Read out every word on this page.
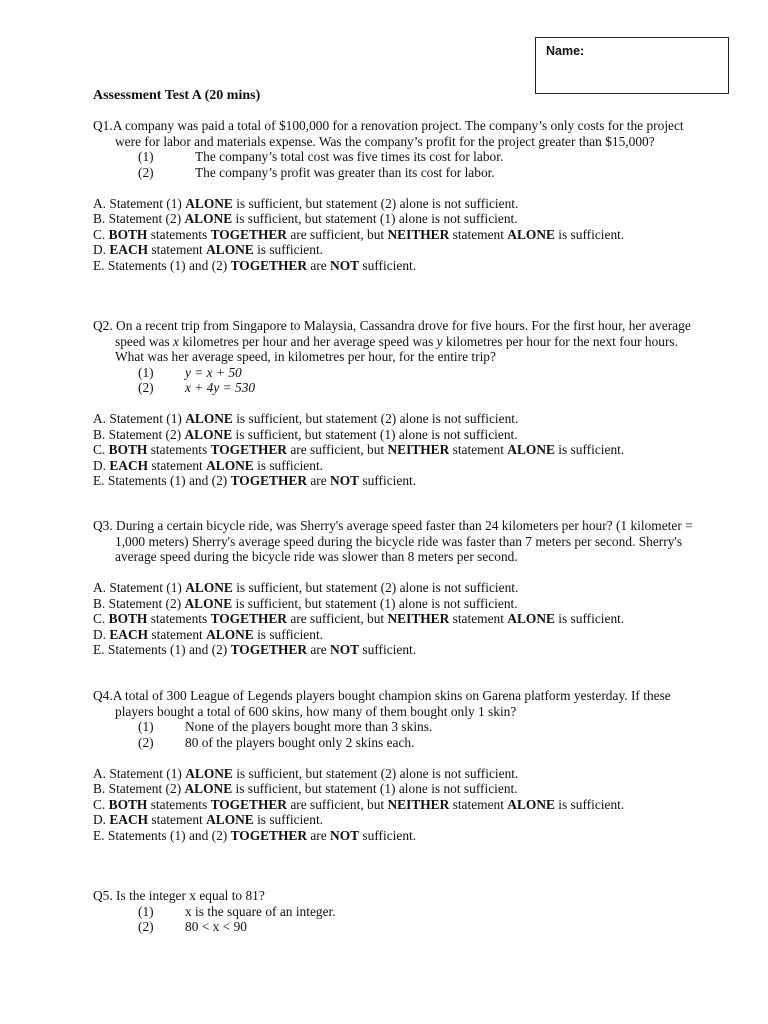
Name:
Assessment Test A (20 mins)

Q1.A company was paid a total of $100,000 for a renovation project. The company’s only costs for the project were for labor and materials expense. Was the company’s profit for the project greater than $15,000?

(1)	The company’s total cost was five times its cost for labor.

(2)	The company’s profit was greater than its cost for labor.

A. Statement (1) ALONE is sufficient, but statement (2) alone is not sufficient.

B. Statement (2) ALONE is sufficient, but statement (1) alone is not sufficient.

C. BOTH statements TOGETHER are sufficient, but NEITHER statement ALONE is sufficient.

D. EACH statement ALONE is sufficient.

E. Statements (1) and (2) TOGETHER are NOT sufficient.

Q2. On a recent trip from Singapore to Malaysia, Cassandra drove for five hours. For the first hour, her average speed was x kilometres per hour and her average speed was y kilometres per hour for the next four hours. What was her average speed, in kilometres per hour, for the entire trip?

(1)	y = x + 50

(2)	x + 4y = 530

A. Statement (1) ALONE is sufficient, but statement (2) alone is not sufficient.

B. Statement (2) ALONE is sufficient, but statement (1) alone is not sufficient.

C. BOTH statements TOGETHER are sufficient, but NEITHER statement ALONE is sufficient.

D. EACH statement ALONE is sufficient.

E. Statements (1) and (2) TOGETHER are NOT sufficient.

Q3. During a certain bicycle ride, was Sherry's average speed faster than 24 kilometers per hour? (1 kilometer = 1,000 meters) Sherry's average speed during the bicycle ride was faster than 7 meters per second. Sherry's average speed during the bicycle ride was slower than 8 meters per second.

A. Statement (1) ALONE is sufficient, but statement (2) alone is not sufficient.

B. Statement (2) ALONE is sufficient, but statement (1) alone is not sufficient.

C. BOTH statements TOGETHER are sufficient, but NEITHER statement ALONE is sufficient.

D. EACH statement ALONE is sufficient.

E. Statements (1) and (2) TOGETHER are NOT sufficient.

Q4.A total of 300 League of Legends players bought champion skins on Garena platform yesterday. If these players bought a total of 600 skins, how many of them bought only 1 skin?

(1)	None of the players bought more than 3 skins.

(2)	80 of the players bought only 2 skins each.

A. Statement (1) ALONE is sufficient, but statement (2) alone is not sufficient.

B. Statement (2) ALONE is sufficient, but statement (1) alone is not sufficient.

C. BOTH statements TOGETHER are sufficient, but NEITHER statement ALONE is sufficient.

D. EACH statement ALONE is sufficient.

E. Statements (1) and (2) TOGETHER are NOT sufficient.

Q5. Is the integer x equal to 81?

(1)	x is the square of an integer.

(2)	80 < x < 90
